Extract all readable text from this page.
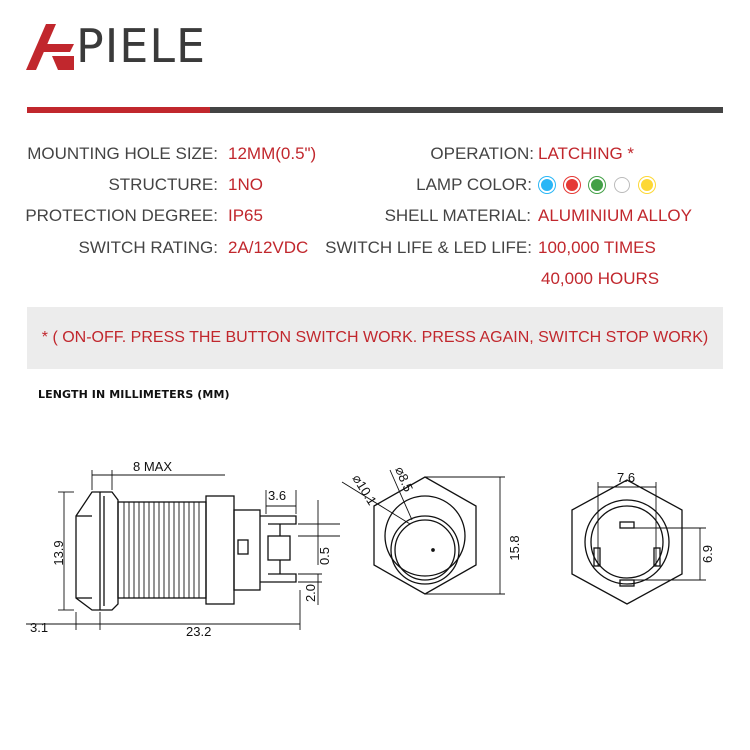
PIELE
MOUNTING HOLE SIZE: 12MM(0.5")
STRUCTURE: 1NO
PROTECTION DEGREE: IP65
SWITCH RATING: 2A/12VDC
OPERATION: LATCHING *
LAMP COLOR:
SHELL MATERIAL: ALUMINIUM ALLOY
SWITCH LIFE & LED LIFE: 100,000 TIMES
40,000 HOURS
* ( ON-OFF. PRESS THE BUTTON SWITCH WORK. PRESS AGAIN, SWITCH STOP WORK)
LENGTH IN MILLIMETERS (MM)
8 MAX
13.9
3.6
0.5
2.0
3.1	23.2
⌀10.1 ⌀8.5
15.8
7.6
6.9
